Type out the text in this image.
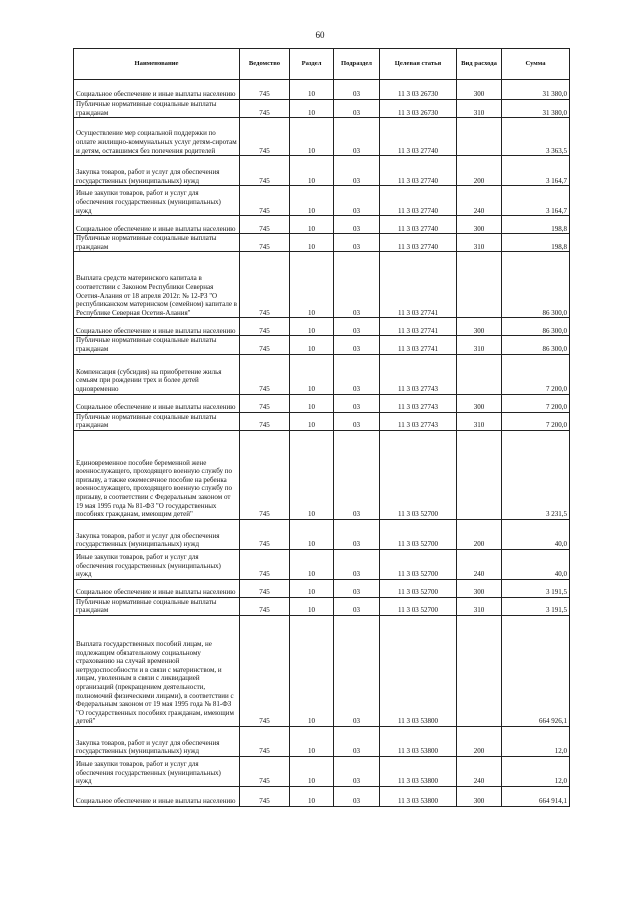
60
Наименование	Ведомство	Раздел	Подраздел	Целевая статья	Вид расхода	Сумма
Социальное обеспечение и иные выплаты населению	745	10	03	11 3 03 26730	300	31 380,0
Публичные нормативные социальные выплаты гражданам	745	10	03	11 3 03 26730	310	31 380,0
Осуществление мер социальной поддержки по оплате жилищно-коммунальных услуг детям-сиротам и детям, оставшимся без попечения родителей	745	10	03	11 3 03 27740		3 363,5
Закупка товаров, работ и услуг для обеспечения государственных (муниципальных) нужд	745	10	03	11 3 03 27740	200	3 164,7
Иные закупки товаров, работ и услуг для обеспечения государственных (муниципальных) нужд	745	10	03	11 3 03 27740	240	3 164,7
Социальное обеспечение и иные выплаты населению	745	10	03	11 3 03 27740	300	198,8
Публичные нормативные социальные выплаты гражданам	745	10	03	11 3 03 27740	310	198,8
Выплата средств материнского капитала в соответствии с Законом Республики Северная Осетия-Алания от 18 апреля 2012г. № 12-РЗ "О республиканском материнском (семейном) капитале в Республике Северная Осетия-Алания"	745	10	03	11 3 03 27741		86 300,0
Социальное обеспечение и иные выплаты населению	745	10	03	11 3 03 27741	300	86 300,0
Публичные нормативные социальные выплаты гражданам	745	10	03	11 3 03 27741	310	86 300,0
Компенсация (субсидия) на приобретение жилья семьям при рождении трех и более детей одновременно	745	10	03	11 3 03 27743		7 200,0
Социальное обеспечение и иные выплаты населению	745	10	03	11 3 03 27743	300	7 200,0
Публичные нормативные социальные выплаты гражданам	745	10	03	11 3 03 27743	310	7 200,0
Единовременное пособие беременной жене военнослужащего, проходящего военную службу по призыву, а также ежемесячное пособие на ребенка военнослужащего, проходящего военную службу по призыву, в соответствии с Федеральным законом от 19 мая 1995 года № 81-ФЗ "О государственных пособиях гражданам, имеющим детей"	745	10	03	11 3 03 52700		3 231,5
Закупка товаров, работ и услуг для обеспечения государственных (муниципальных) нужд	745	10	03	11 3 03 52700	200	40,0
Иные закупки товаров, работ и услуг для обеспечения государственных (муниципальных) нужд	745	10	03	11 3 03 52700	240	40,0
Социальное обеспечение и иные выплаты населению	745	10	03	11 3 03 52700	300	3 191,5
Публичные нормативные социальные выплаты гражданам	745	10	03	11 3 03 52700	310	3 191,5
Выплата государственных пособий лицам, не подлежащим обязательному социальному страхованию на случай временной нетрудоспособности и в связи с материнством, и лицам, уволенным в связи с ликвидацией организаций (прекращением деятельности, полномочий физическими лицами), в соответствии с Федеральным законом от 19 мая 1995 года № 81-ФЗ "О государственных пособиях гражданам, имеющим детей"	745	10	03	11 3 03 53800		664 926,1
Закупка товаров, работ и услуг для обеспечения государственных (муниципальных) нужд	745	10	03	11 3 03 53800	200	12,0
Иные закупки товаров, работ и услуг для обеспечения государственных (муниципальных) нужд	745	10	03	11 3 03 53800	240	12,0
Социальное обеспечение и иные выплаты населению	745	10	03	11 3 03 53800	300	664 914,1
